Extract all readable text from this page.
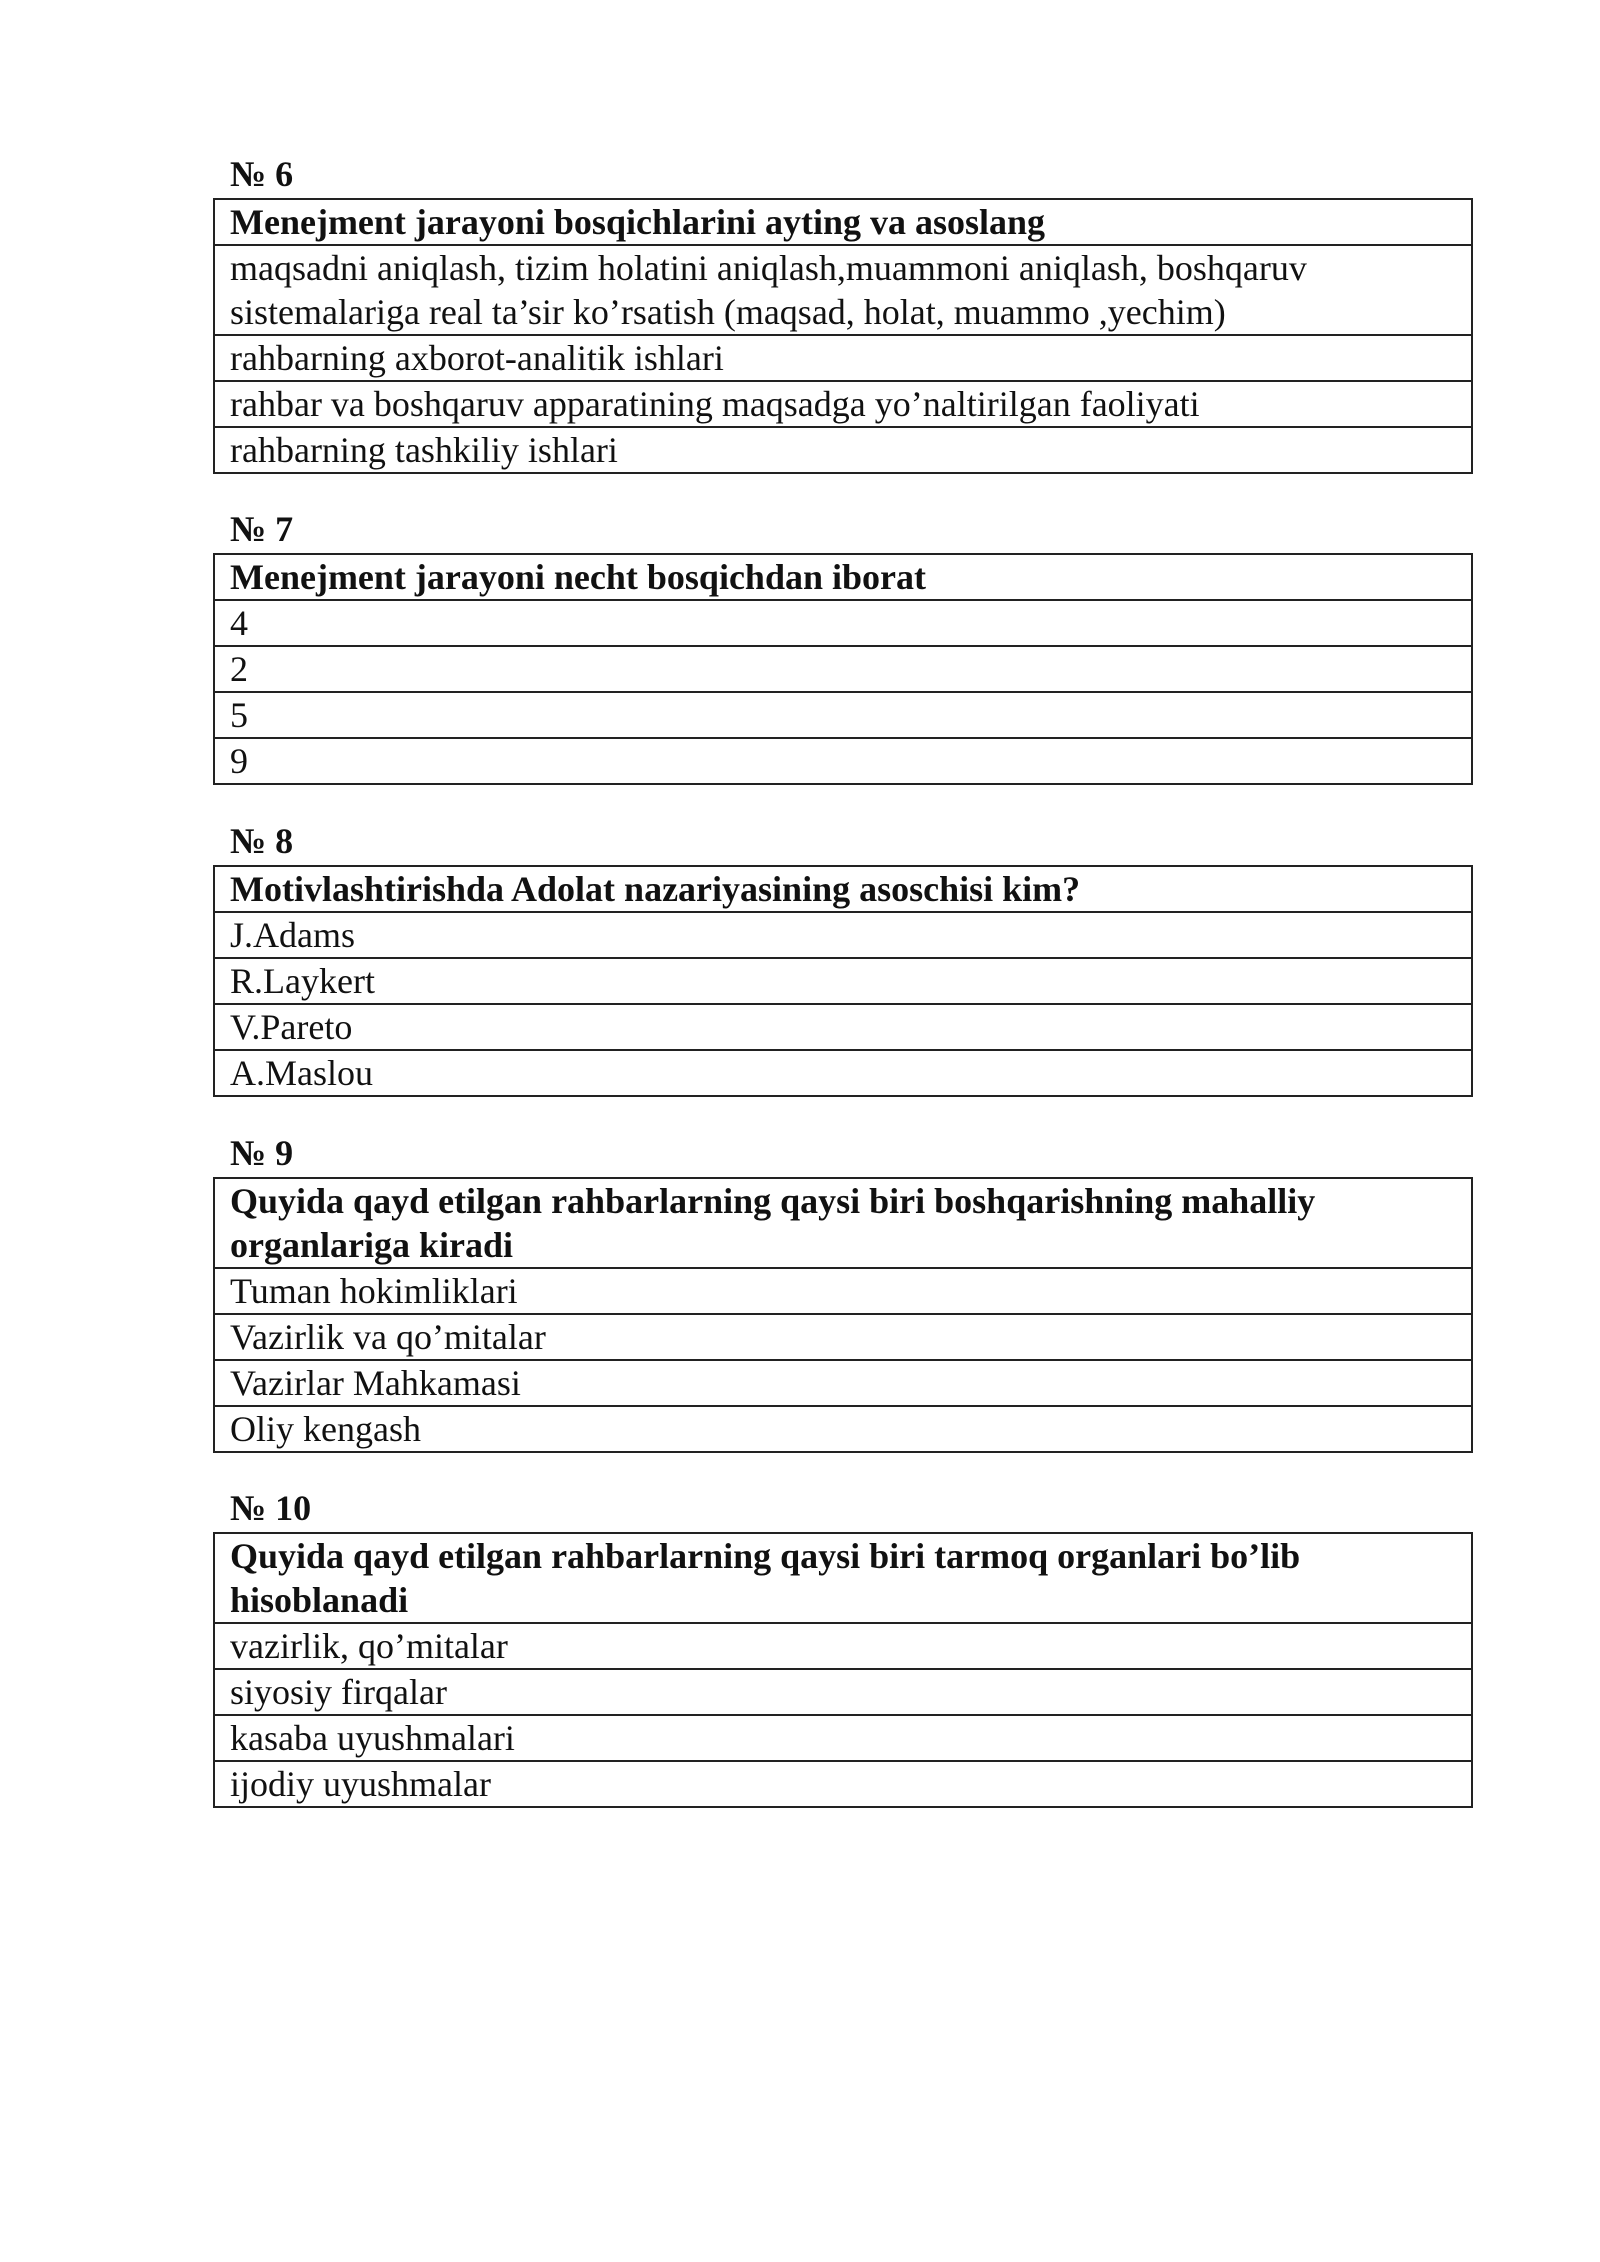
№ 6
Menejment jarayoni bosqichlarini ayting va asoslang
maqsadni aniqlash, tizim holatini aniqlash,muammoni aniqlash, boshqaruv sistemalariga real ta’sir ko’rsatish (maqsad, holat, muammo ,yechim)
rahbarning axborot-analitik ishlari
rahbar va boshqaruv apparatining maqsadga yo’naltirilgan faoliyati
rahbarning tashkiliy ishlari
№ 7
Menejment jarayoni necht bosqichdan iborat
4
2
5
9
№ 8
Motivlashtirishda Adolat nazariyasining asoschisi kim?
J.Adams
R.Laykert
V.Pareto
A.Maslou
№ 9
Quyida qayd etilgan rahbarlarning qaysi biri boshqarishning mahalliy organlariga kiradi
Tuman hokimliklari
Vazirlik va qo’mitalar
Vazirlar Mahkamasi
Oliy kengash
№ 10
Quyida qayd etilgan rahbarlarning qaysi biri tarmoq organlari bo’lib hisoblanadi
vazirlik, qo’mitalar
siyosiy firqalar
kasaba uyushmalari
ijodiy uyushmalar
